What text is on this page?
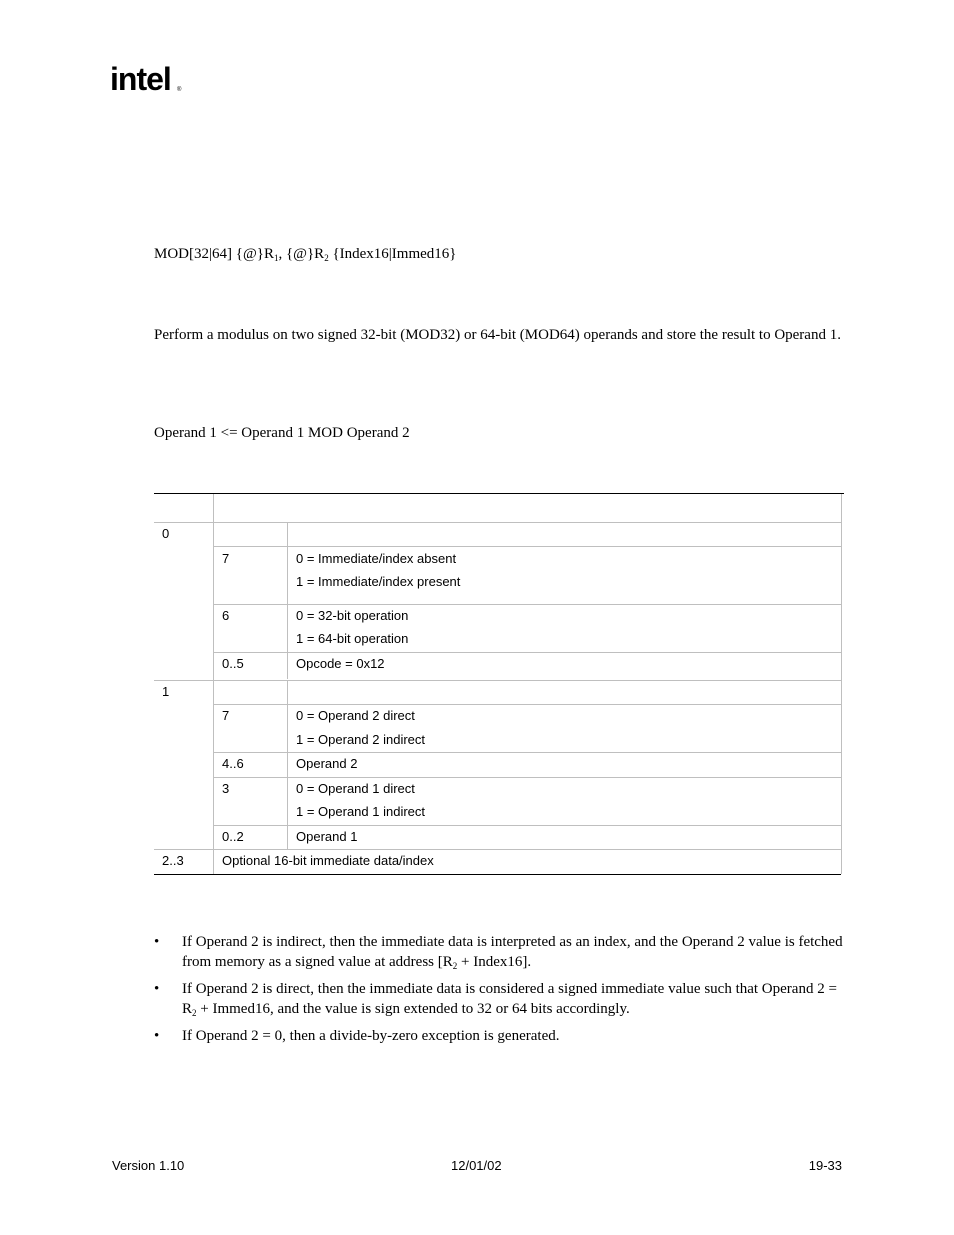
intel ®
MOD[32|64] $\{@\}R_1$, $\{@\}R_2$ {Index16|Immed16}

Perform a modulus on two signed 32-bit (MOD32) or 64-bit (MOD64) operands and store the result to Operand 1.

Operand 1 <= Operand 1 MOD Operand 2
0
7	0 = Immediate/index absent
1 = Immediate/index present
6	0 = 32-bit operation
1 = 64-bit operation
0..5	Opcode = 0x12
1
7	0 = Operand 2 direct
1 = Operand 2 indirect
4..6	Operand 2
3	0 = Operand 1 direct
1 = Operand 1 indirect
0..2	Operand 1
2..3	Optional 16-bit immediate data/index
• If Operand 2 is indirect, then the immediate data is interpreted as an index, and the Operand 2 value is fetched from memory as a signed value at address [$R_2$ + Index16].
• If Operand 2 is direct, then the immediate data is considered a signed immediate value such that Operand $2 = R_2$ + Immed16, and the value is sign extended to 32 or 64 bits accordingly.
• If Operand 2 = 0, then a divide-by-zero exception is generated.
Version 1.10	12/01/02	19-33
